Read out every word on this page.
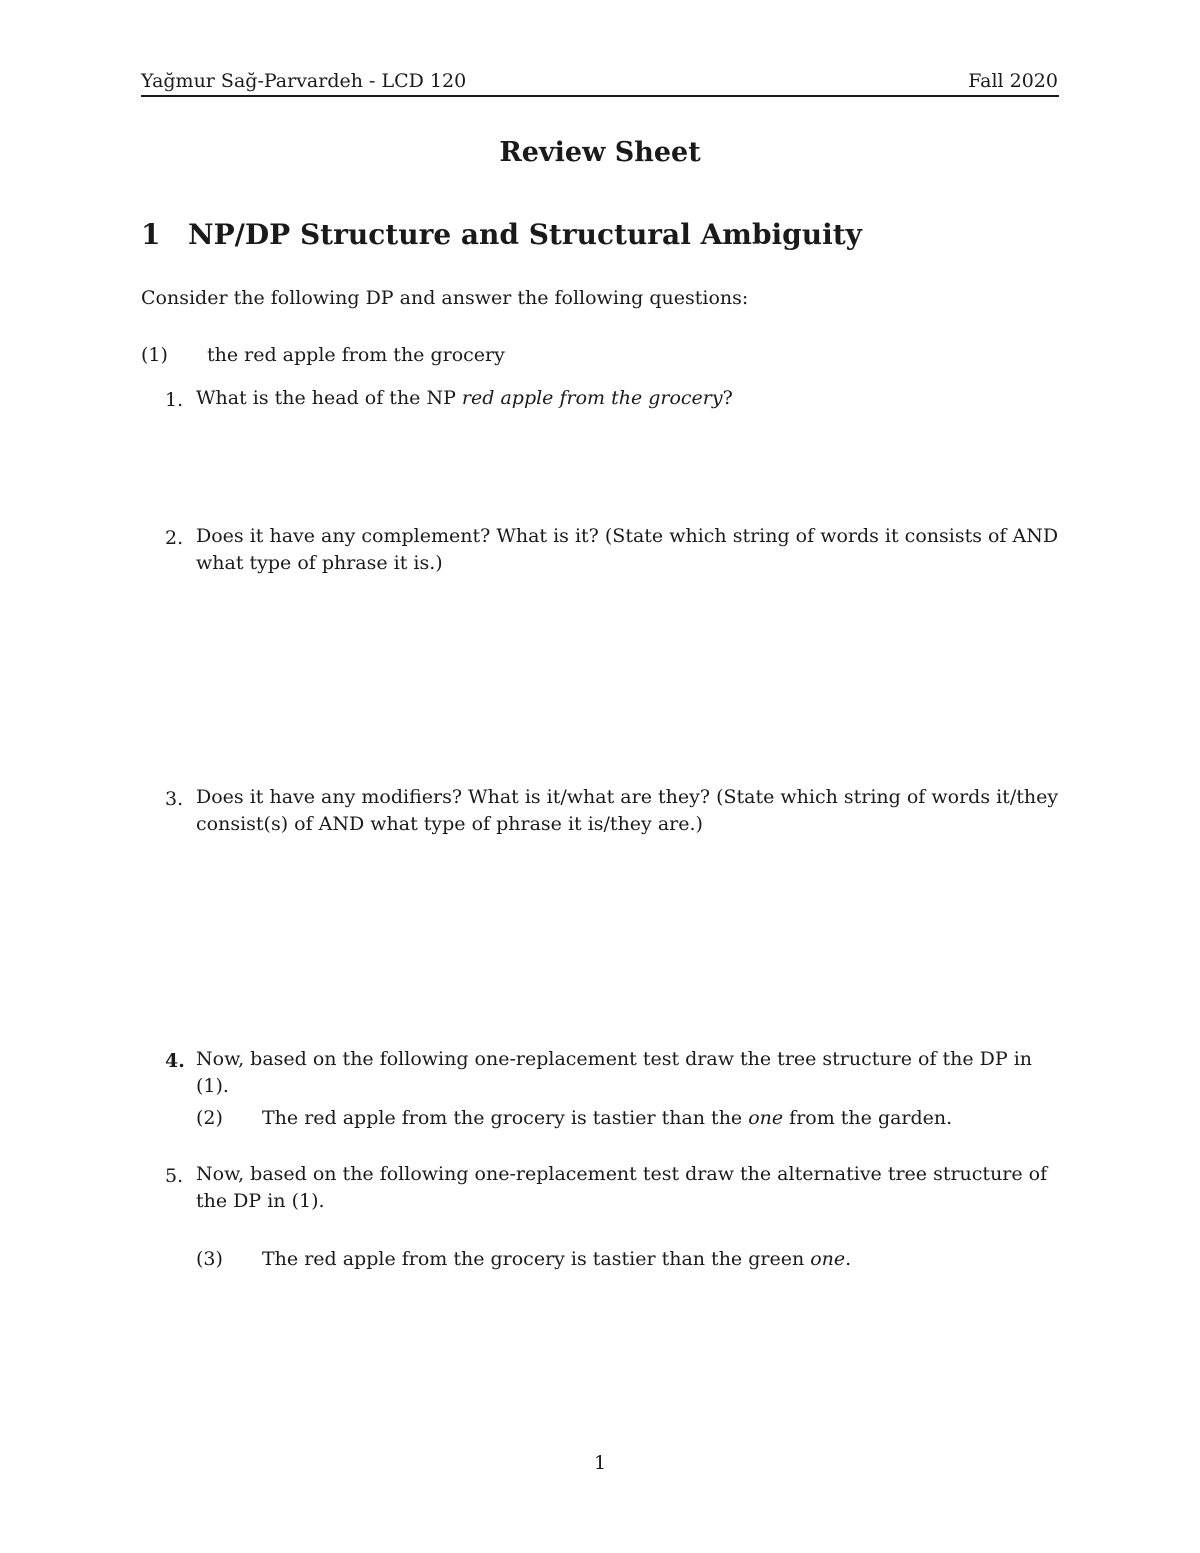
Yağmur Sağ-Parvardeh - LCD 120	Fall 2020
Review Sheet
1 NP/DP Structure and Structural Ambiguity
Consider the following DP and answer the following questions:
(1) the red apple from the grocery
1. What is the head of the NP red apple from the grocery?
2. Does it have any complement? What is it? (State which string of words it consists of AND what type of phrase it is.)
3. Does it have any modifiers? What is it/what are they? (State which string of words it/they consist(s) of AND what type of phrase it is/they are.)
4. Now, based on the following one-replacement test draw the tree structure of the DP in (1).
(2) The red apple from the grocery is tastier than the one from the garden.
5. Now, based on the following one-replacement test draw the alternative tree structure of the DP in (1).
(3) The red apple from the grocery is tastier than the green one.
1
